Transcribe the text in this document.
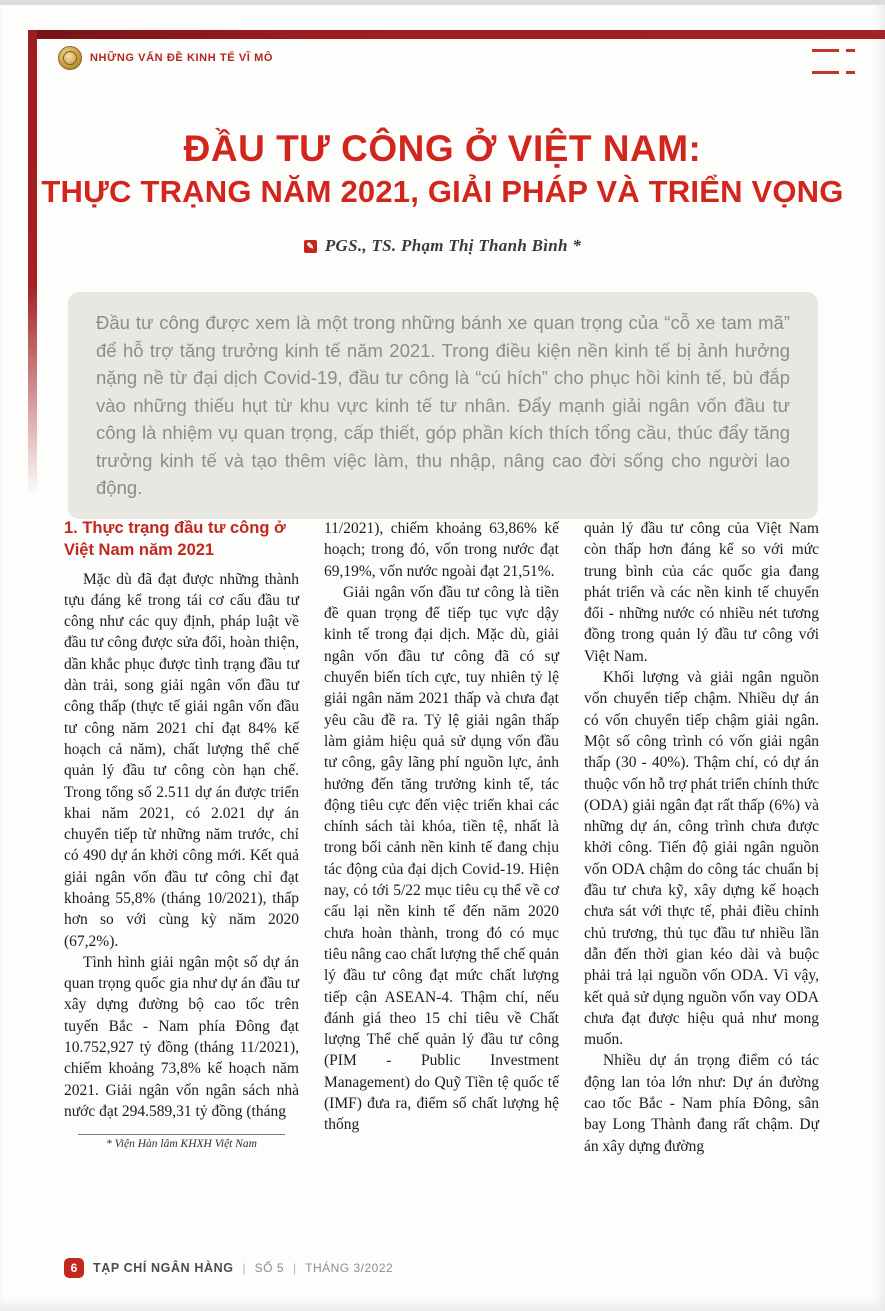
NHỮNG VẤN ĐỀ KINH TẾ VĨ MÔ
ĐẦU TƯ CÔNG Ở VIỆT NAM:
THỰC TRẠNG NĂM 2021, GIẢI PHÁP VÀ TRIỂN VỌNG
✎ PGS., TS. Phạm Thị Thanh Bình *
Đầu tư công được xem là một trong những bánh xe quan trọng của “cỗ xe tam mã” để hỗ trợ tăng trưởng kinh tế năm 2021. Trong điều kiện nền kinh tế bị ảnh hưởng nặng nề từ đại dịch Covid-19, đầu tư công là “cú hích” cho phục hồi kinh tế, bù đắp vào những thiếu hụt từ khu vực kinh tế tư nhân. Đẩy mạnh giải ngân vốn đầu tư công là nhiệm vụ quan trọng, cấp thiết, góp phần kích thích tổng cầu, thúc đẩy tăng trưởng kinh tế và tạo thêm việc làm, thu nhập, nâng cao đời sống cho người lao động.
1. Thực trạng đầu tư công ở Việt Nam năm 2021

Mặc dù đã đạt được những thành tựu đáng kể trong tái cơ cấu đầu tư công như các quy định, pháp luật về đầu tư công được sửa đổi, hoàn thiện, dần khắc phục được tình trạng đầu tư dàn trải, song giải ngân vốn đầu tư công thấp (thực tế giải ngân vốn đầu tư công năm 2021 chỉ đạt 84% kế hoạch cả năm), chất lượng thể chế quản lý đầu tư công còn hạn chế. Trong tổng số 2.511 dự án được triển khai năm 2021, có 2.021 dự án chuyển tiếp từ những năm trước, chỉ có 490 dự án khởi công mới. Kết quả giải ngân vốn đầu tư công chỉ đạt khoảng 55,8% (tháng 10/2021), thấp hơn so với cùng kỳ năm 2020 (67,2%).

Tình hình giải ngân một số dự án quan trọng quốc gia như dự án đầu tư xây dựng đường bộ cao tốc trên tuyến Bắc - Nam phía Đông đạt 10.752,927 tỷ đồng (tháng 11/2021), chiếm khoảng 73,8% kế hoạch năm 2021. Giải ngân vốn ngân sách nhà nước đạt 294.589,31 tỷ đồng (tháng

* Viện Hàn lâm KHXH Việt Nam

11/2021), chiếm khoảng 63,86% kế hoạch; trong đó, vốn trong nước đạt 69,19%, vốn nước ngoài đạt 21,51%.

Giải ngân vốn đầu tư công là tiền đề quan trọng để tiếp tục vực dậy kinh tế trong đại dịch. Mặc dù, giải ngân vốn đầu tư công đã có sự chuyển biến tích cực, tuy nhiên tỷ lệ giải ngân năm 2021 thấp và chưa đạt yêu cầu đề ra. Tỷ lệ giải ngân thấp làm giảm hiệu quả sử dụng vốn đầu tư công, gây lãng phí nguồn lực, ảnh hưởng đến tăng trưởng kinh tế, tác động tiêu cực đến việc triển khai các chính sách tài khóa, tiền tệ, nhất là trong bối cảnh nền kinh tế đang chịu tác động của đại dịch Covid-19. Hiện nay, có tới 5/22 mục tiêu cụ thể về cơ cấu lại nền kinh tế đến năm 2020 chưa hoàn thành, trong đó có mục tiêu nâng cao chất lượng thể chế quản lý đầu tư công đạt mức chất lượng tiếp cận ASEAN-4. Thậm chí, nếu đánh giá theo 15 chỉ tiêu về Chất lượng Thể chế quản lý đầu tư công (PIM - Public Investment Management) do Quỹ Tiền tệ quốc tế (IMF) đưa ra, điểm số chất lượng hệ thống

quản lý đầu tư công của Việt Nam còn thấp hơn đáng kể so với mức trung bình của các quốc gia đang phát triển và các nền kinh tế chuyển đổi - những nước có nhiều nét tương đồng trong quản lý đầu tư công với Việt Nam.

Khối lượng và giải ngân nguồn vốn chuyển tiếp chậm. Nhiều dự án có vốn chuyển tiếp chậm giải ngân. Một số công trình có vốn giải ngân thấp (30 - 40%). Thậm chí, có dự án thuộc vốn hỗ trợ phát triển chính thức (ODA) giải ngân đạt rất thấp (6%) và những dự án, công trình chưa được khởi công. Tiến độ giải ngân nguồn vốn ODA chậm do công tác chuẩn bị đầu tư chưa kỹ, xây dựng kế hoạch chưa sát với thực tế, phải điều chỉnh chủ trương, thủ tục đầu tư nhiều lần dẫn đến thời gian kéo dài và buộc phải trả lại nguồn vốn ODA. Vì vậy, kết quả sử dụng nguồn vốn vay ODA chưa đạt được hiệu quả như mong muốn.

Nhiều dự án trọng điểm có tác động lan tỏa lớn như: Dự án đường cao tốc Bắc - Nam phía Đông, sân bay Long Thành đang rất chậm. Dự án xây dựng đường

6	TẠP CHÍ NGÂN HÀNG | SỐ 5 | THÁNG 3/2022
